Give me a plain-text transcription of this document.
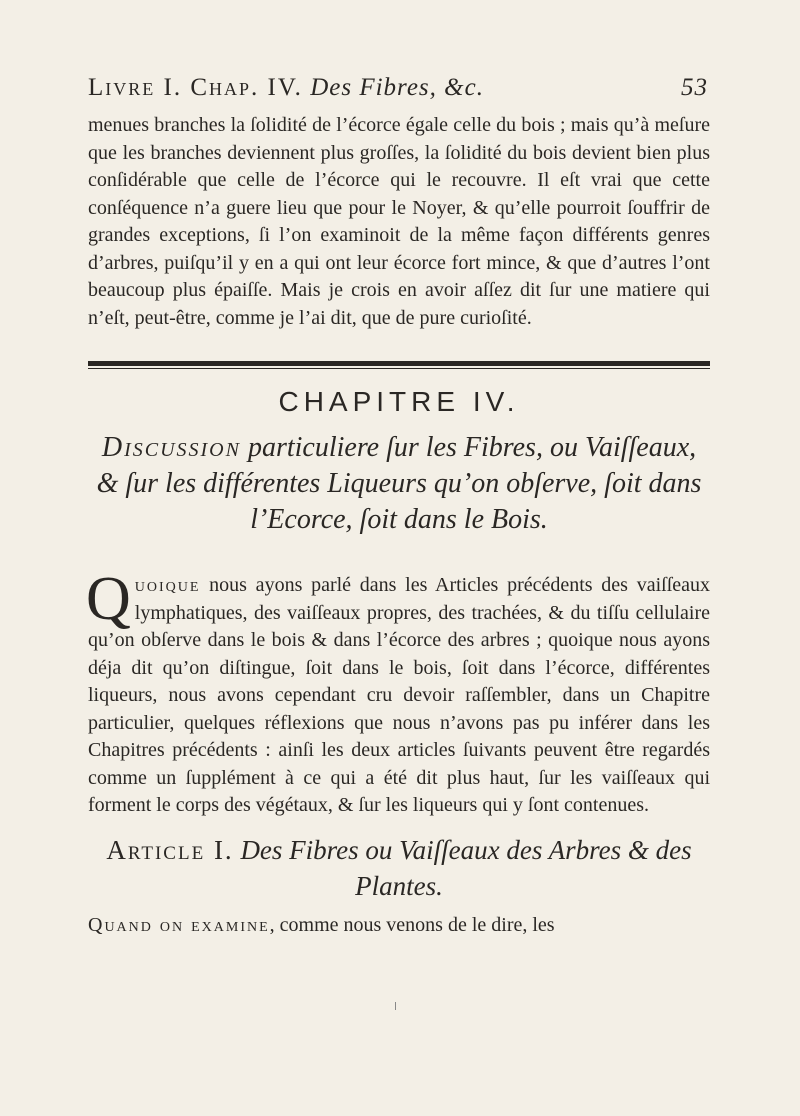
Livre I. Chap. IV. Des Fibres, &c.	53
menues branches la ſolidité de l’écorce égale celle du bois ; mais qu’à meſure que les branches deviennent plus groſſes, la ſolidité du bois devient bien plus conſidérable que celle de l’écorce qui le recouvre. Il eſt vrai que cette conſéquence n’a guere lieu que pour le Noyer, & qu’elle pourroit ſouffrir de grandes exceptions, ſi l’on examinoit de la même façon différents genres d’arbres, puiſqu’il y en a qui ont leur écorce fort mince, & que d’autres l’ont beaucoup plus épaiſſe. Mais je crois en avoir aſſez dit ſur une matiere qui n’eſt, peut-être, comme je l’ai dit, que de pure curioſité.
CHAPITRE IV.
Discussion particuliere ſur les Fibres, ou Vaiſſeaux, & ſur les différentes Liqueurs qu’on obſerve, ſoit dans l’Ecorce, ſoit dans le Bois.
Quoique nous ayons parlé dans les Articles précédents des vaiſſeaux lymphatiques, des vaiſſeaux propres, des trachées, & du tiſſu cellulaire qu’on obſerve dans le bois & dans l’écorce des arbres ; quoique nous ayons déja dit qu’on diſtingue, ſoit dans le bois, ſoit dans l’écorce, différentes liqueurs, nous avons cependant cru devoir raſſembler, dans un Chapitre particulier, quelques réflexions que nous n’avons pas pu inférer dans les Chapitres précédents : ainſi les deux articles ſuivants peuvent être regardés comme un ſupplément à ce qui a été dit plus haut, ſur les vaiſſeaux qui forment le corps des végétaux, & ſur les liqueurs qui y ſont contenues.
Article I. Des Fibres ou Vaiſſeaux des Arbres & des Plantes.
Quand on examine, comme nous venons de le dire, les
